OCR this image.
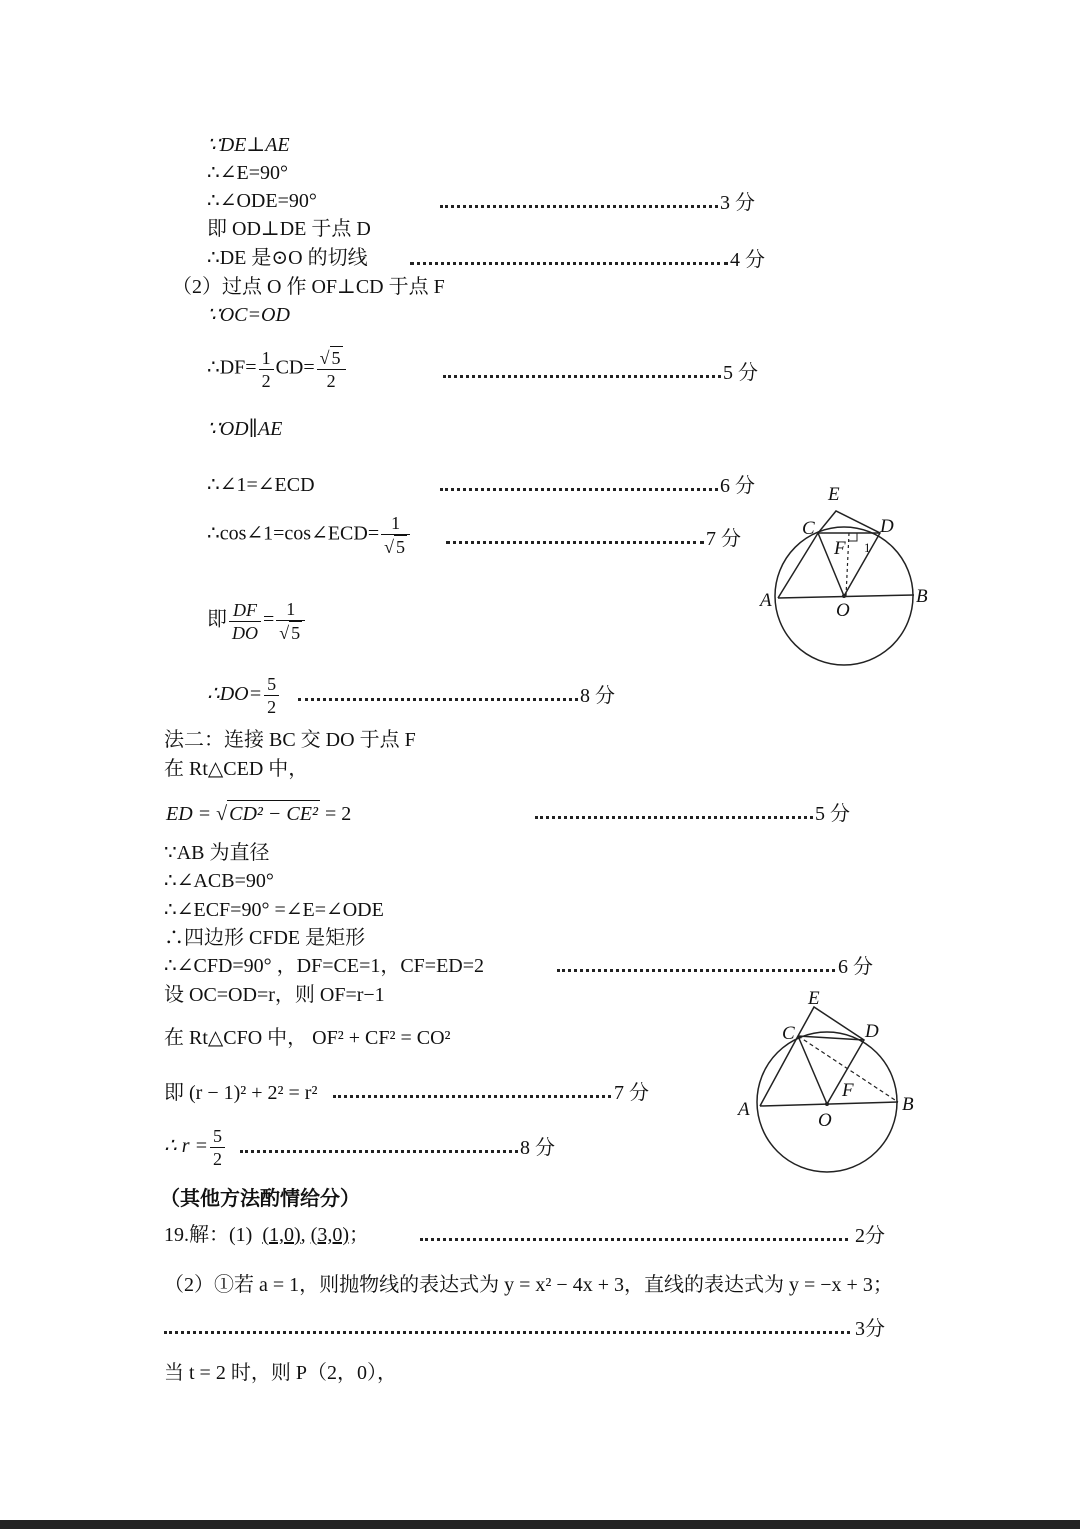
∵DE⊥AE
∴∠E=90°
∴∠ODE=90°	3 分
即 OD⊥DE 于点 D
∴DE 是⊙O 的切线	4 分
（2）过点 O 作 OF⊥CD 于点 F
∵OC=OD
∴DF= $\frac{1}{2} CD= \frac{√ 5}{2}$	5 分
∵OD∥AE
∴∠1=∠ECD	6 分
∴cos∠1=cos∠ECD= $\frac{1}{√ 5}$	7 分
即 $\frac{DF}{DO} = \frac{1}{√ 5}$
∴DO= $\frac{5}{2}$	8 分
E
C	D
F 1
A	O
B
法二：连接 BC 交 DO 于点 F
在 Rt△CED 中，
ED = √ CD² − CE² = 2	5 分
∵AB 为直径
∴∠ACB=90°
∴∠ECF=90° =∠E=∠ODE
∴四边形 CFDE 是矩形
∴∠CFD=90° ，DF=CE=1，CF=ED=2	6 分
设 OC=OD=r，则 OF=r−1
在 Rt△CFO 中， OF² + CF² = CO²
即 (r − 1)² + 2² = r²	7 分
∴ $r = \frac{5}{2}$	8 分
E
C	D
F
A
O
B
（其他方法酌情给分）
19.解：(1) (1,0), (3,0)；	2分
（2）①若 a = 1，则抛物线的表达式为 y = x² − 4x + 3，直线的表达式为 y = −x + 3；
3分
当 t = 2 时，则 P（2，0），
